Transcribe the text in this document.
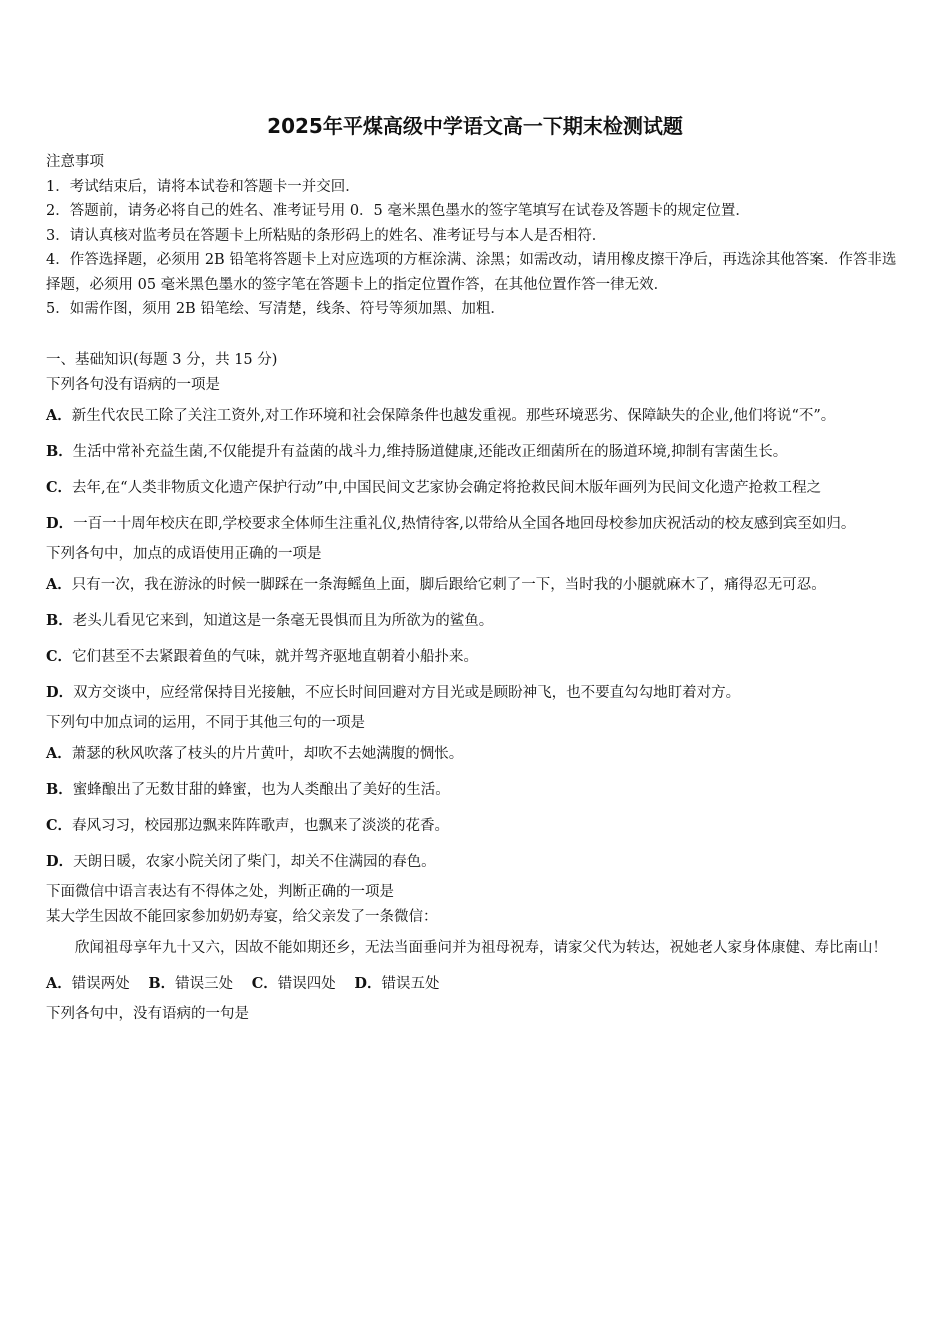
2025年平煤高级中学语文高一下期末检测试题

注意事项

1．考试结束后，请将本试卷和答题卡一并交回．

2．答题前，请务必将自己的姓名、准考证号用 0．5 毫米黑色墨水的签字笔填写在试卷及答题卡的规定位置．

3．请认真核对监考员在答题卡上所粘贴的条形码上的姓名、准考证号与本人是否相符．

4．作答选择题，必须用 2B 铅笔将答题卡上对应选项的方框涂满、涂黑；如需改动，请用橡皮擦干净后，再选涂其他答案．作答非选择题，必须用 05 毫米黑色墨水的签字笔在答题卡上的指定位置作答，在其他位置作答一律无效．

5．如需作图，须用 2B 铅笔绘、写清楚，线条、符号等须加黑、加粗．

一、基础知识(每题 3 分，共 15 分)

下列各句没有语病的一项是

A．新生代农民工除了关注工资外,对工作环境和社会保障条件也越发重视。那些环境恶劣、保障缺失的企业,他们将说“不”。

B．生活中常补充益生菌,不仅能提升有益菌的战斗力,维持肠道健康,还能改正细菌所在的肠道环境,抑制有害菌生长。

C．去年,在“人类非物质文化遗产保护行动”中,中国民间文艺家协会确定将抢救民间木版年画列为民间文化遗产抢救工程之

D．一百一十周年校庆在即,学校要求全体师生注重礼仪,热情待客,以带给从全国各地回母校参加庆祝活动的校友感到宾至如归。

下列各句中，加点的成语使用正确的一项是

A．只有一次，我在游泳的时候一脚踩在一条海鳐鱼上面，脚后跟给它刺了一下，当时我的小腿就麻木了，痛得忍无可忍。

B．老头儿看见它来到，知道这是一条毫无畏惧而且为所欲为的鲨鱼。

C．它们甚至不去紧跟着鱼的气味，就并驾齐驱地直朝着小船扑来。

D．双方交谈中，应经常保持目光接触，不应长时间回避对方目光或是顾盼神飞，也不要直勾勾地盯着对方。

下列句中加点词的运用，不同于其他三句的一项是

A．萧瑟的秋风吹落了枝头的片片黄叶，却吹不去她满腹的惆怅。

B．蜜蜂酿出了无数甘甜的蜂蜜，也为人类酿出了美好的生活。

C．春风习习，校园那边飘来阵阵歌声，也飘来了淡淡的花香。

D．天朗日暖，农家小院关闭了柴门，却关不住满园的春色。

下面微信中语言表达有不得体之处，判断正确的一项是

某大学生因故不能回家参加奶奶寿宴，给父亲发了一条微信：

欣闻祖母享年九十又六，因故不能如期还乡，无法当面垂问并为祖母祝寿，请家父代为转达，祝她老人家身体康健、寿比南山！

A．错误两处 B．错误三处 C．错误四处 D．错误五处

下列各句中，没有语病的一句是
